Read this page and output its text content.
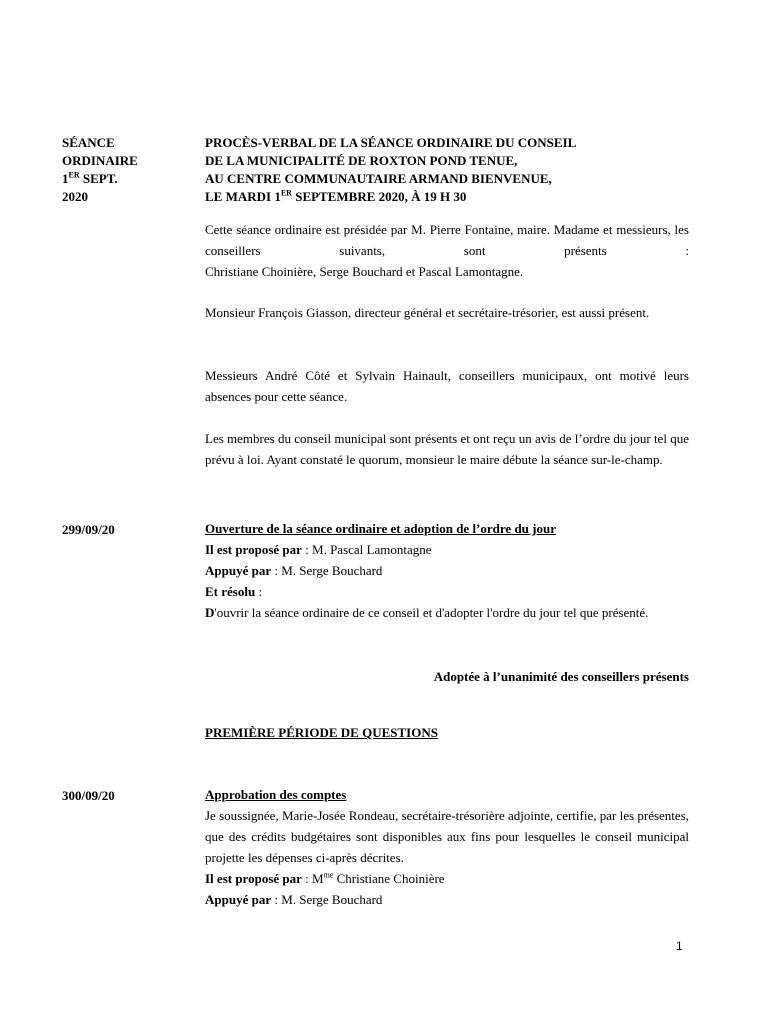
SÉANCE
ORDINAIRE
1ER SEPT.
2020
PROCÈS-VERBAL DE LA SÉANCE ORDINAIRE DU CONSEIL
DE LA MUNICIPALITÉ DE ROXTON POND TENUE,
AU CENTRE COMMUNAUTAIRE ARMAND BIENVENUE,
LE MARDI 1ER SEPTEMBRE 2020, À 19 H 30

Cette séance ordinaire est présidée par M. Pierre Fontaine, maire. Madame et messieurs, les conseillers suivants, sont présents :

Christiane Choinière, Serge Bouchard et Pascal Lamontagne.

Monsieur François Giasson, directeur général et secrétaire-trésorier, est aussi présent.

Messieurs André Côté et Sylvain Hainault, conseillers municipaux, ont motivé leurs absences pour cette séance.

Les membres du conseil municipal sont présents et ont reçu un avis de l’ordre du jour tel que prévu à loi. Ayant constaté le quorum, monsieur le maire débute la séance sur-le-champ.

299/09/20	Ouverture de la séance ordinaire et adoption de l’ordre du jour

Il est proposé par : M. Pascal Lamontagne

Appuyé par : M. Serge Bouchard

Et résolu :

D'ouvrir la séance ordinaire de ce conseil et d'adopter l'ordre du jour tel que présenté.

Adoptée à l’unanimité des conseillers présents
PREMIÈRE PÉRIODE DE QUESTIONS
300/09/20	Approbation des comptes

Je soussignée, Marie-Josée Rondeau, secrétaire-trésorière adjointe, certifie, par les présentes, que des crédits budgétaires sont disponibles aux fins pour lesquelles le conseil municipal projette les dépenses ci-après décrites.

Il est proposé par : $M^{me}$ Christiane Choinière

Appuyé par : M. Serge Bouchard

1
